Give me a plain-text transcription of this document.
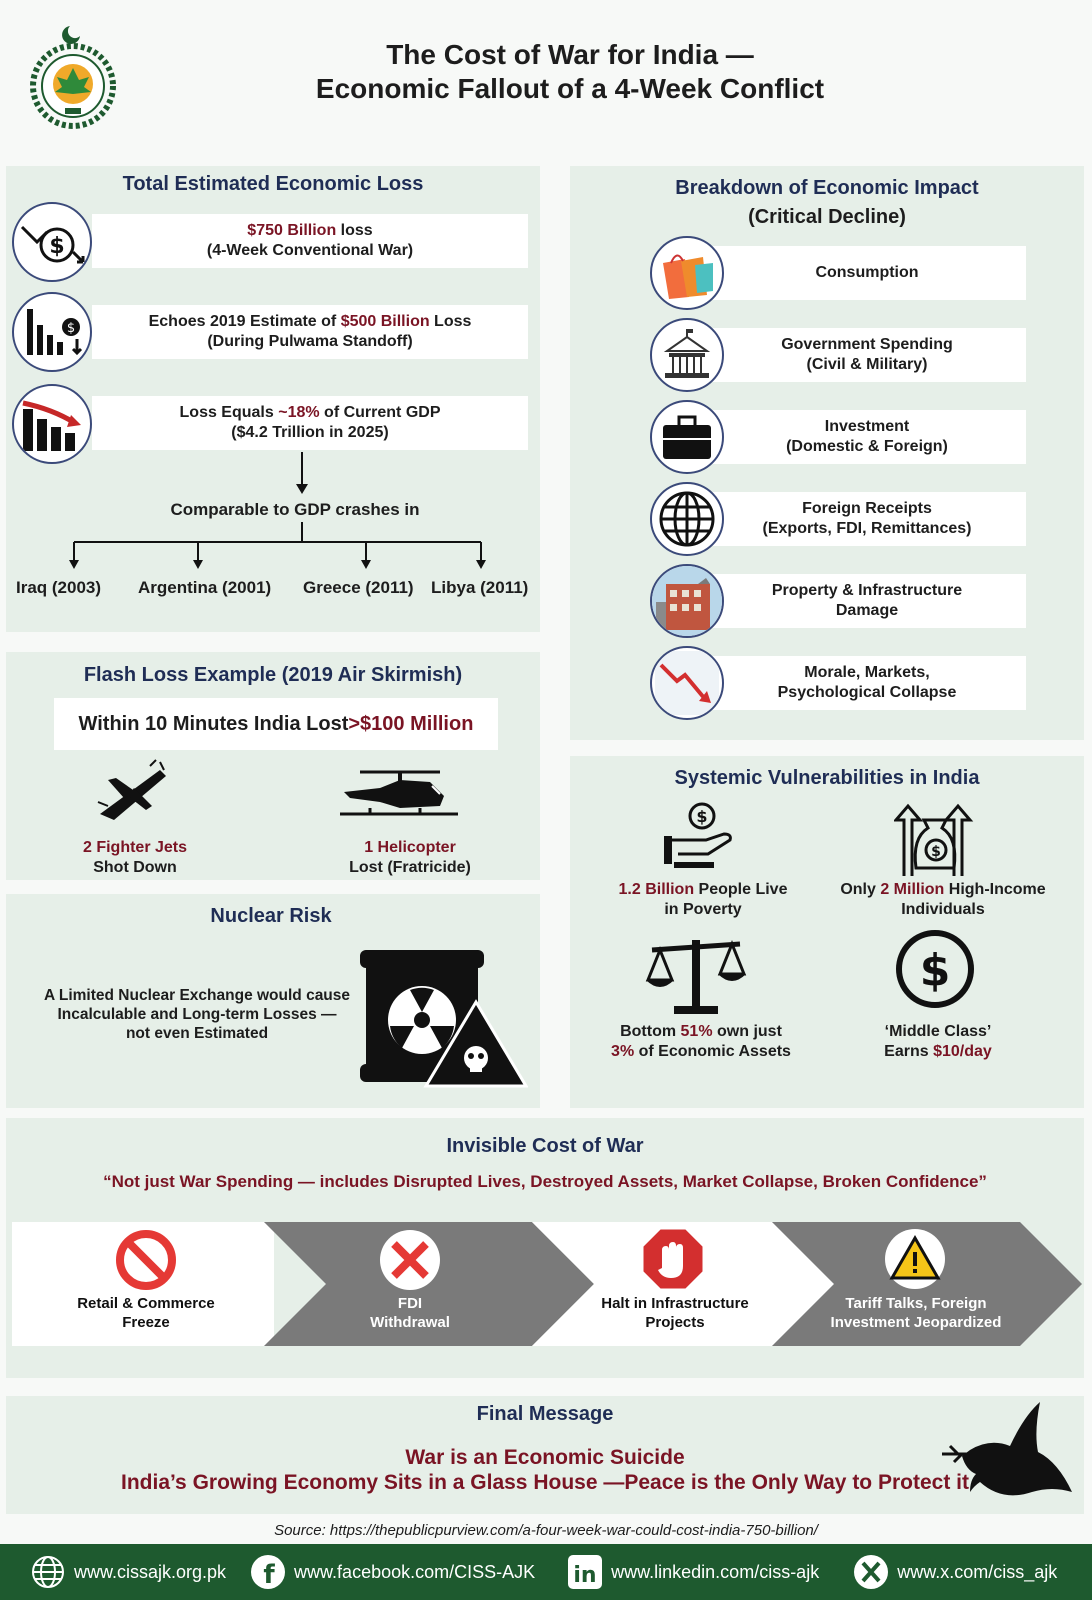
The Cost of War for India —
Economic Fallout of a 4-Week Conflict
Total Estimated Economic Loss
$750 Billion loss
(4-Week Conventional War)
$
Echoes 2019 Estimate of $500 Billion Loss
(During Pulwama Standoff)
$
Loss Equals ~18% of Current GDP
($4.2 Trillion in 2025)
Comparable to GDP crashes in
Iraq (2003) Argentina (2001) Greece (2011) Libya (2011)
Breakdown of Economic Impact
(Critical Decline)
Consumption
Government Spending
(Civil & Military)
Investment
(Domestic & Foreign)
Foreign Receipts
(Exports, FDI, Remittances)
Property & Infrastructure
Damage
Morale, Markets,
Psychological Collapse
Flash Loss Example (2019 Air Skirmish)
Within 10 Minutes India Lost >$100 Million
2 Fighter Jets
Shot Down
1 Helicopter
Lost (Fratricide)
Nuclear Risk
A Limited Nuclear Exchange would cause
Incalculable and Long-term Losses —
not even Estimated
Systemic Vulnerabilities in India
$
1.2 Billion People Live
in Poverty
$
Only 2 Million High-Income
Individuals
Bottom 51% own just
3% of Economic Assets
$
‘Middle Class’
Earns $10/day
Invisible Cost of War
“Not just War Spending — includes Disrupted Lives, Destroyed Assets, Market Collapse, Broken Confidence”
Retail & Commerce
Freeze
FDI
Withdrawal
Halt in Infrastructure
Projects
Tariff Talks, Foreign
Investment Jeopardized
Final Message
War is an Economic Suicide
India’s Growing Economy Sits in a Glass House —Peace is the Only Way to Protect it
Source: https://thepublicpurview.com/a-four-week-war-could-cost-india-750-billion/
www.cissajk.org.pk f www.facebook.com/CISS-AJK in www.linkedin.com/ciss-ajk	www.x.com/ciss_ajk
